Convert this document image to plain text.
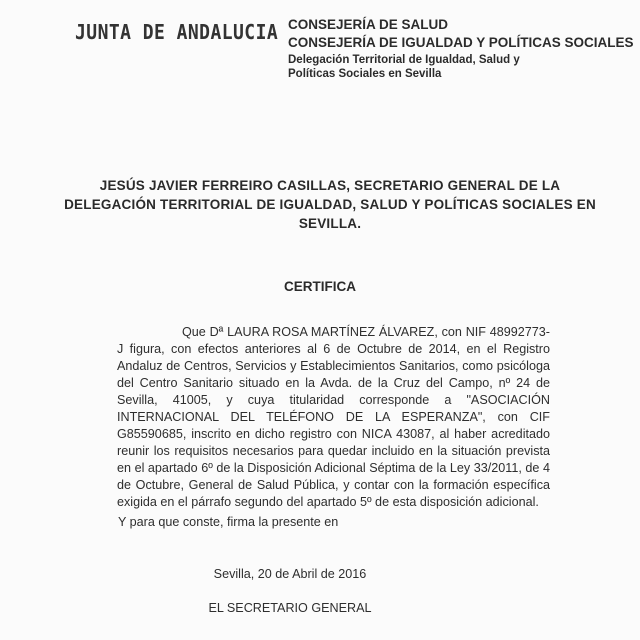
JUNTA DE ANDALUCIA CONSEJERÍA DE SALUD
CONSEJERÍA DE IGUALDAD Y POLÍTICAS SOCIALES
Delegación Territorial de Igualdad, Salud y Políticas Sociales en Sevilla
JESÚS JAVIER FERREIRO CASILLAS, SECRETARIO GENERAL DE LA DELEGACIÓN TERRITORIAL DE IGUALDAD, SALUD Y POLÍTICAS SOCIALES EN SEVILLA.
CERTIFICA
Que Dª LAURA ROSA MARTÍNEZ ÁLVAREZ, con NIF 48992773-J figura, con efectos anteriores al 6 de Octubre de 2014, en el Registro Andaluz de Centros, Servicios y Establecimientos Sanitarios, como psicóloga del Centro Sanitario situado en la Avda. de la Cruz del Campo, nº 24 de Sevilla, 41005, y cuya titularidad corresponde a "ASOCIACIÓN INTERNACIONAL DEL TELÉFONO DE LA ESPERANZA", con CIF G85590685, inscrito en dicho registro con NICA 43087, al haber acreditado reunir los requisitos necesarios para quedar incluido en la situación prevista en el apartado 6º de la Disposición Adicional Séptima de la Ley 33/2011, de 4 de Octubre, General de Salud Pública, y contar con la formación específica exigida en el párrafo segundo del apartado 5º de esta disposición adicional.
Y para que conste, firma la presente en
Sevilla, 20 de Abril de 2016
EL SECRETARIO GENERAL
